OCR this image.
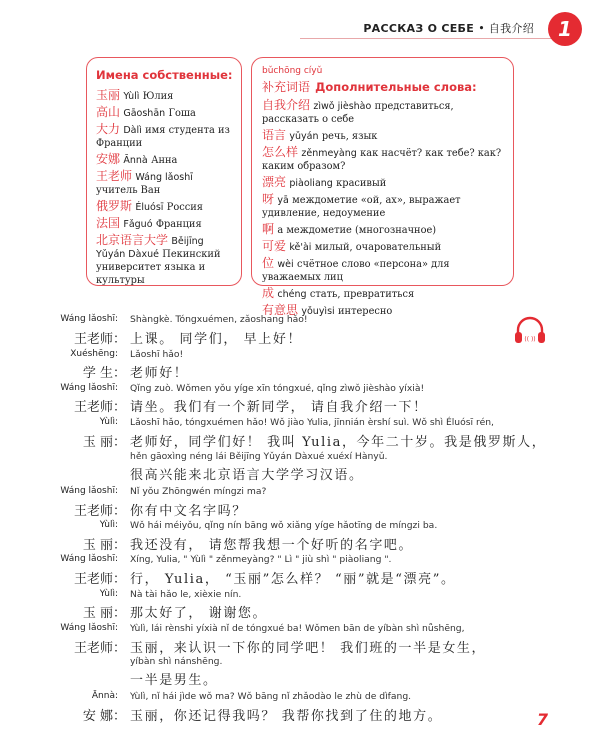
РАССКАЗ О СЕБЕ • 自我介绍	1
Имена собственные:
玉丽 Yùlì Юлия
高山 Gāoshān Гоша
大力 Dàlì имя студента из Франции
安娜 Ānnà Анна
王老师 Wáng lǎoshī учитель Ван
俄罗斯 Éluósī Россия
法国 Fǎguó Франция
北京语言大学 Běijīng Yǔyán Dàxué Пекинский университет языка и культуры
bǔchōng cíyǔ
补充词语 Дополнительные слова:
自我介绍 zìwǒ jièshào представиться, рассказать о себе
语言 yǔyán речь, язык
怎么样 zěnmeyàng как насчёт? как тебе? как? каким образом?
漂亮 piàoliang красивый
呀 yā междометие «ой, ах», выражает удивление, недоумение
啊 а междометие (многозначное)
可爱 kě'ài милый, очаровательный
位 wèi счётное слово «персона» для уважаемых лиц
成 chéng стать, превратиться
有意思 yǒuyìsi интересно
(( ))
Wáng lǎoshī: Shàngkè. Tóngxuémen, zǎoshang hǎo!
王老师： 上课。 同学们， 早上好！
Xuéshēng: Lǎoshī hǎo!
学 生： 老师好！
Wáng lǎoshī: Qǐng zuò. Wǒmen yǒu yíge xīn tóngxué, qǐng zìwǒ jièshào yíxià!
王老师： 请坐。我们有一个新同学， 请自我介绍一下！
Yùlì: Lǎoshī hǎo, tóngxuémen hǎo! Wǒ jiào Yulia, jīnnián èrshí suì. Wǒ shì Éluósī rén,
玉 丽： 老师好，同学们好！ 我叫 Yulia，今年二十岁。我是俄罗斯人，
hěn gāoxìng néng lái Běijīng Yǔyán Dàxué xuéxí Hànyǔ.
很高兴能来北京语言大学学习汉语。
Wáng lǎoshī: Nǐ yǒu Zhōngwén míngzi ma?
王老师： 你有中文名字吗？
Yùlì: Wǒ hái méiyǒu, qǐng nín bāng wǒ xiǎng yíge hǎotīng de míngzi ba.
玉 丽： 我还没有， 请您帮我想一个好听的名字吧。
Wáng lǎoshī: Xíng, Yulia, " Yùlì " zěnmeyàng? " Lì " jiù shì " piàoliang ".
王老师： 行， Yulia， “玉丽”怎么样？ “丽”就是“漂亮”。
Yùlì: Nà tài hǎo le, xièxie nín.
玉 丽： 那太好了， 谢谢您。
Wáng lǎoshī: Yùlì, lái rènshi yíxià nǐ de tóngxué ba! Wǒmen bān de yíbàn shì nǚshēng,
王老师： 玉丽，来认识一下你的同学吧！ 我们班的一半是女生，
yíbàn shì nánshēng.
一半是男生。
Ānnà: Yùlì, nǐ hái jìde wǒ ma? Wǒ bāng nǐ zhǎodào le zhù de dìfang.
安 娜： 玉丽，你还记得我吗？ 我帮你找到了住的地方。	7
